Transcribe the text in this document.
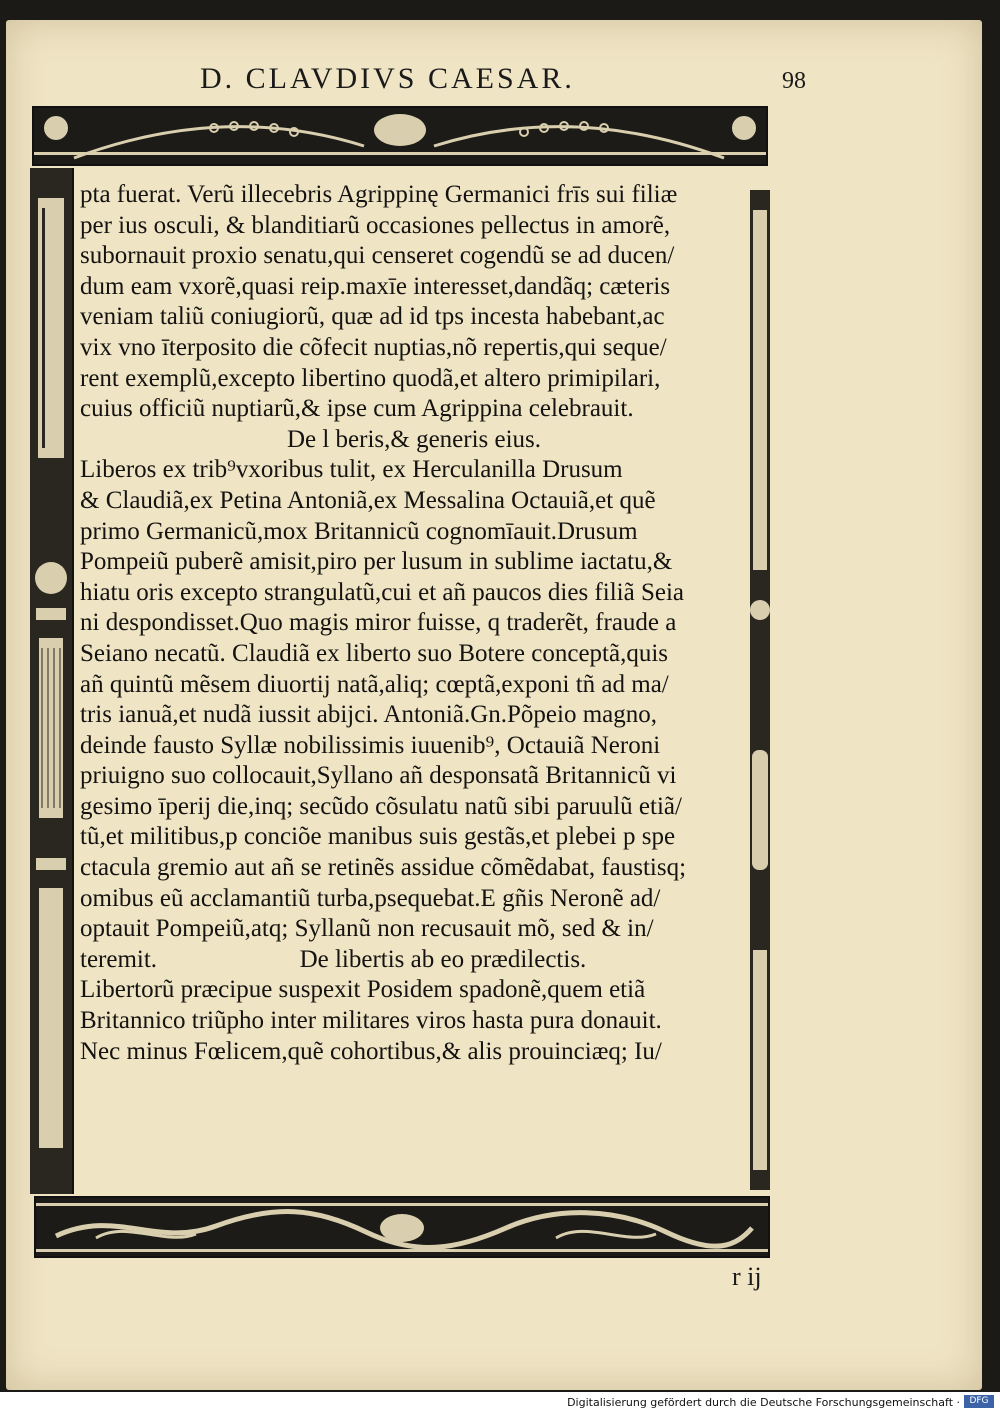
D. CLAVDIVS CAESAR.	98
pta fuerat. Verũ illecebris Agrippinę Germanici frīs sui filiæ
per ius osculi, & blanditiarũ occasiones pellectus in amorẽ,
subornauit proxio senatu,qui censeret cogendũ se ad ducen/
dum eam vxorẽ,quasi reip.maxīe interesset,dandãq; cæteris
veniam taliũ coniugiorũ, quæ ad id tps incesta habebant,ac
vix vno īterposito die cõfecit nuptias,nõ repertis,qui seque/
rent exemplũ,excepto libertino quodã,et altero primipilari,
cuius officiũ nuptiarũ,& ipse cum Agrippina celebrauit.
De l beris,& generis eius.
Liberos ex trib⁹vxoribus tulit, ex Herculanilla Drusum
& Claudiã,ex Petina Antoniã,ex Messalina Octauiã,et quẽ
primo Germanicũ,mox Britannicũ cognomīauit.Drusum
Pompeiũ puberẽ amisit,piro per lusum in sublime iactatu,&
hiatu oris excepto strangulatũ,cui et añ paucos dies filiã Seia
ni despondisset.Quo magis miror fuisse, q traderẽt, fraude a
Seiano necatũ. Claudiã ex liberto suo Botere conceptã,quis
añ quintũ mẽsem diuortij natã,aliq; cœptã,exponi tñ ad ma/
tris ianuã,et nudã iussit abijci. Antoniã.Gn.Põpeio magno,
deinde fausto Syllæ nobilissimis iuuenib⁹, Octauiã Neroni
priuigno suo collocauit,Syllano añ desponsatã Britannicũ vi
gesimo īperij die,inq; secũdo cõsulatu natũ sibi paruulũ etiã/
tũ,et militibus,p conciõe manibus suis gestãs,et plebei p spe
ctacula gremio aut añ se retinẽs assidue cõmẽdabat, faustisq;
omibus eũ acclamantiũ turba,psequebat.E gñis Neronẽ ad/
optauit Pompeiũ,atq; Syllanũ non recusauit mõ, sed & in/
teremit.	De libertis ab eo prædilectis.
Libertorũ præcipue suspexit Posidem spadonẽ,quem etiã
Britannico triũpho inter militares viros hasta pura donauit.
Nec minus Fœlicem,quẽ cohortibus,& alis prouinciæq; Iu/
r ij
Digitalisierung gefördert durch die Deutsche Forschungsgemeinschaft ·	DFG
